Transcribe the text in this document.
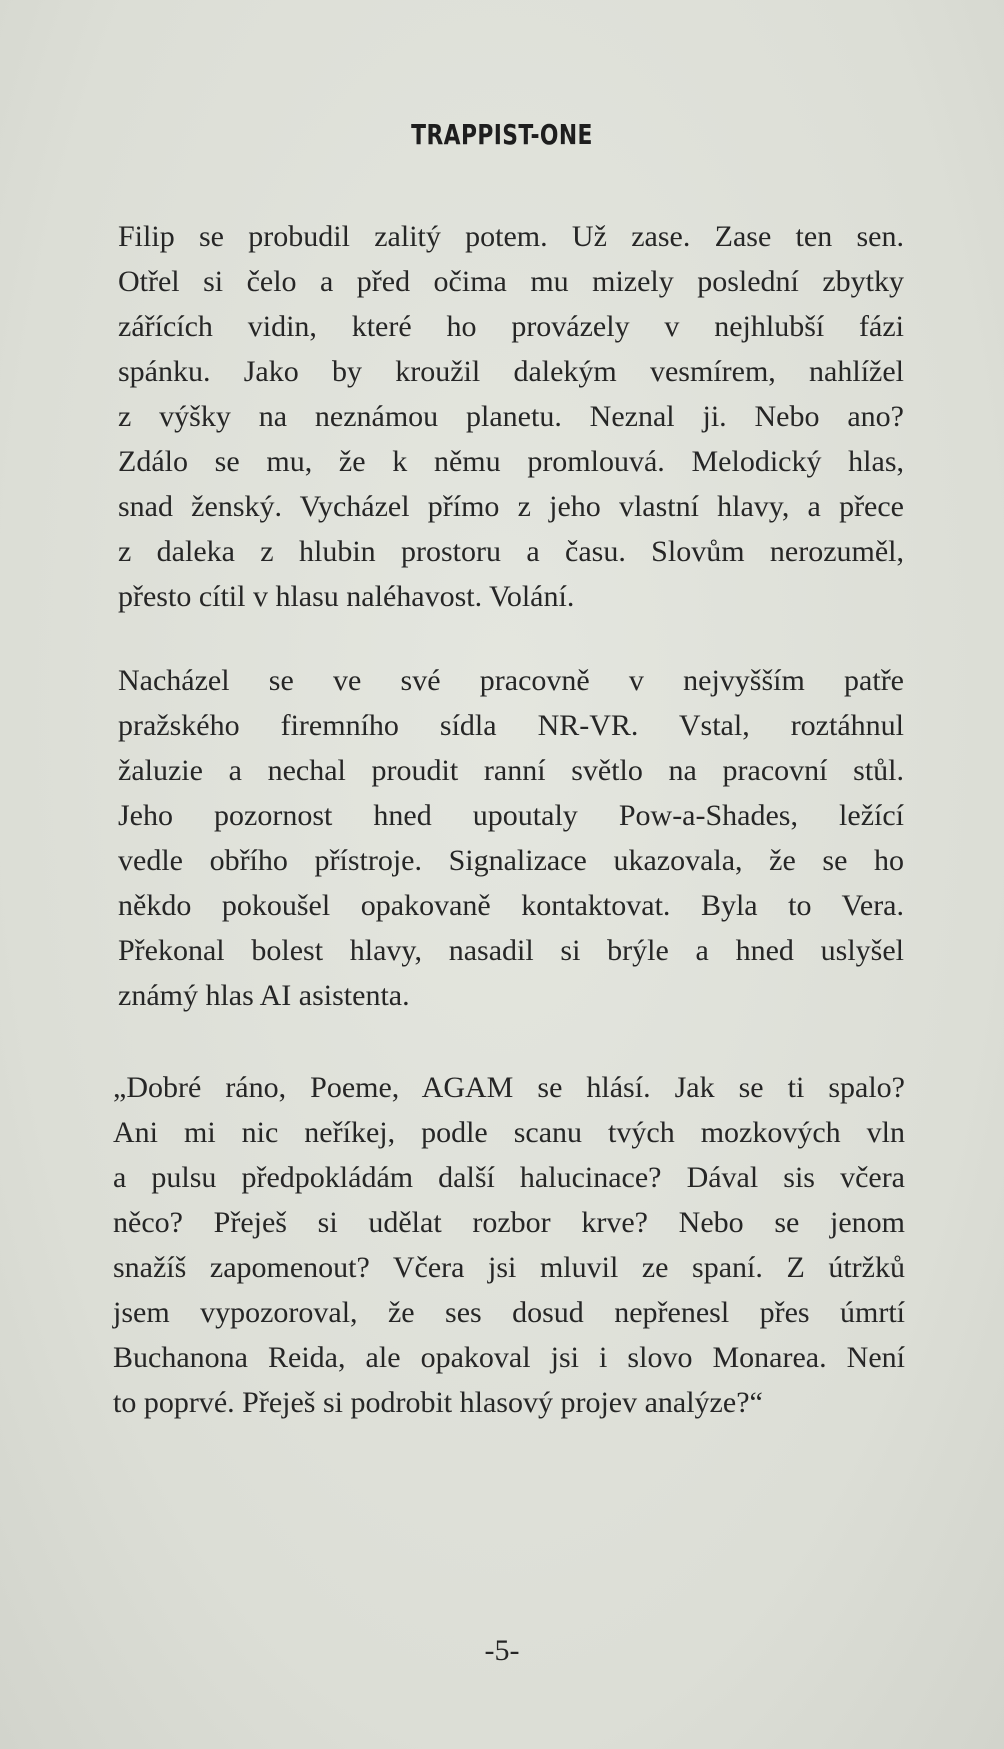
TRAPPIST-ONE
Filip se probudil zalitý potem. Už zase. Zase ten sen.
Otřel si čelo a před očima mu mizely poslední zbytky
zářících vidin, které ho provázely v nejhlubší fázi
spánku. Jako by kroužil dalekým vesmírem, nahlížel
z výšky na neznámou planetu. Neznal ji. Nebo ano?
Zdálo se mu, že k němu promlouvá. Melodický hlas,
snad ženský. Vycházel přímo z jeho vlastní hlavy, a přece
z daleka z hlubin prostoru a času. Slovům nerozuměl,
přesto cítil v hlasu naléhavost. Volání.
Nacházel se ve své pracovně v nejvyšším patře
pražského firemního sídla NR-VR. Vstal, roztáhnul
žaluzie a nechal proudit ranní světlo na pracovní stůl.
Jeho pozornost hned upoutaly Pow-a-Shades, ležící
vedle obřího přístroje. Signalizace ukazovala, že se ho
někdo pokoušel opakovaně kontaktovat. Byla to Vera.
Překonal bolest hlavy, nasadil si brýle a hned uslyšel
známý hlas AI asistenta.
„Dobré ráno, Poeme, AGAM se hlásí. Jak se ti spalo?
Ani mi nic neříkej, podle scanu tvých mozkových vln
a pulsu předpokládám další halucinace? Dával sis včera
něco? Přeješ si udělat rozbor krve? Nebo se jenom
snažíš zapomenout? Včera jsi mluvil ze spaní. Z útržků
jsem vypozoroval, že ses dosud nepřenesl přes úmrtí
Buchanona Reida, ale opakoval jsi i slovo Monarea. Není
to poprvé. Přeješ si podrobit hlasový projev analýze?“
-5-
